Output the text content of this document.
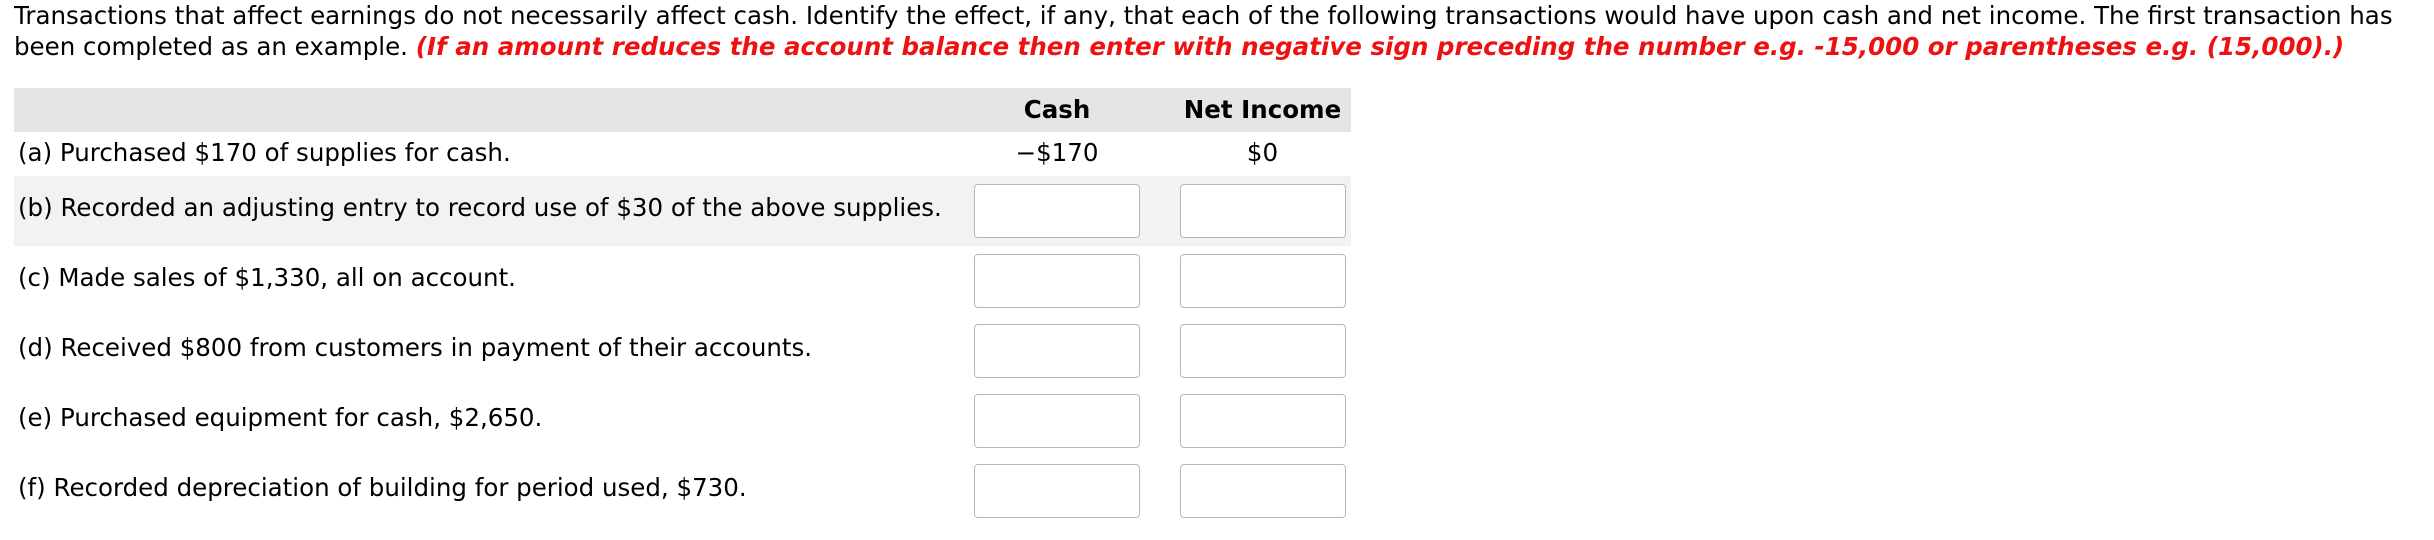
Transactions that affect earnings do not necessarily affect cash. Identify the effect, if any, that each of the following transactions would have upon cash and net income. The first transaction has been completed as an example. (If an amount reduces the account balance then enter with negative sign preceding the number e.g. -15,000 or parentheses e.g. (15,000).)
Cash	Net Income
(a) Purchased $170 of supplies for cash.	−$170	$0
(b) Recorded an adjusting entry to record use of $30 of the above supplies.
(c) Made sales of $1,330, all on account.
(d) Received $800 from customers in payment of their accounts.
(e) Purchased equipment for cash, $2,650.
(f) Recorded depreciation of building for period used, $730.
